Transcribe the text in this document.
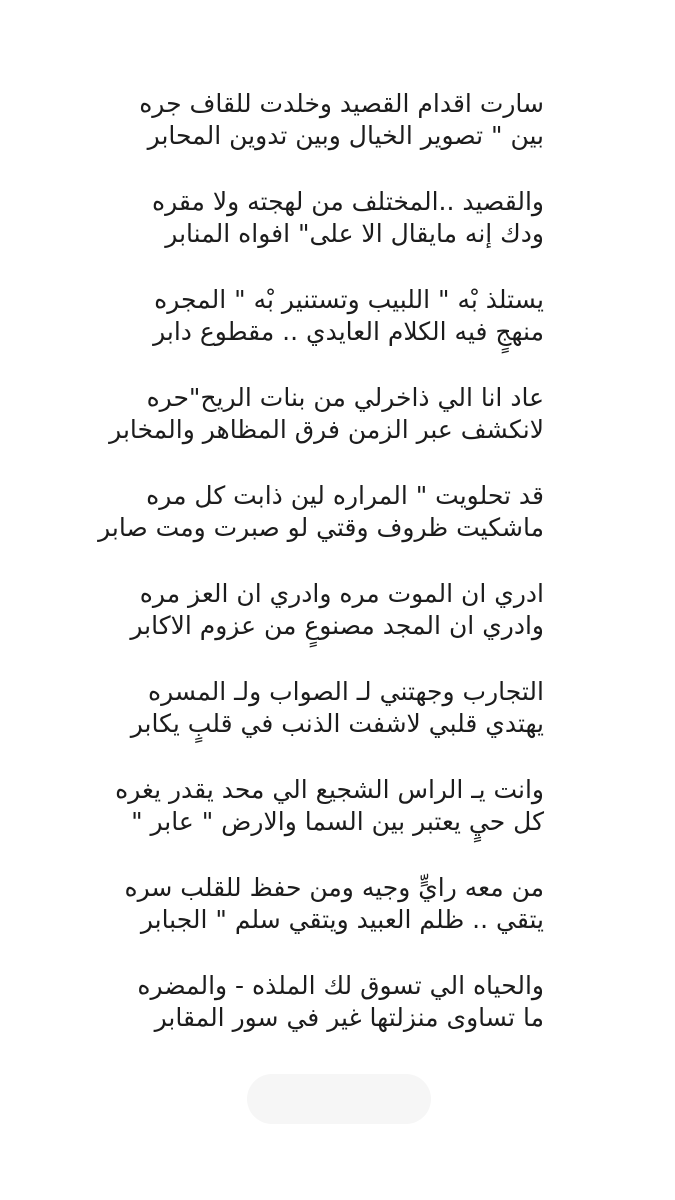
سارت اقدام القصيد وخلدت للقاف جره
بين " تصوير الخيال وبين تدوين المحابر
والقصيد ..المختلف من لهجته ولا مقره
ودك إنه مايقال الا على" افواه المنابر
يستلذ بْه " اللبيب وتستنير بْه " المجره
منهجٍ فيه الكلام العايدي .. مقطوع دابر
عاد انا الي ذاخرلي من بنات الريح"حره
لانكشف عبر الزمن فرق المظاهر والمخابر
قد تحلويت " المراره لين ذابت كل مره
ماشكيت ظروف وقتي لو صبرت ومت صابر
ادري ان الموت مره وادري ان العز مره
وادري ان المجد مصنوعٍ من عزوم الاكابر
التجارب وجهتني لـ الصواب ولـ المسره
يهتدي قلبي لاشفت الذنب في قلبٍ يكابر
وانت يـ الراس الشجيع الي محد يقدر يغره
كل حيٍ يعتبر بين السما والارض " عابر "
من معه رايٍّ وجيه ومن حفظ للقلب سره
يتقي .. ظلم العبيد ويتقي سلم " الجبابر
والحياه الي تسوق لك الملذه - والمضره
ما تساوى منزلتها غير في سور المقابر
